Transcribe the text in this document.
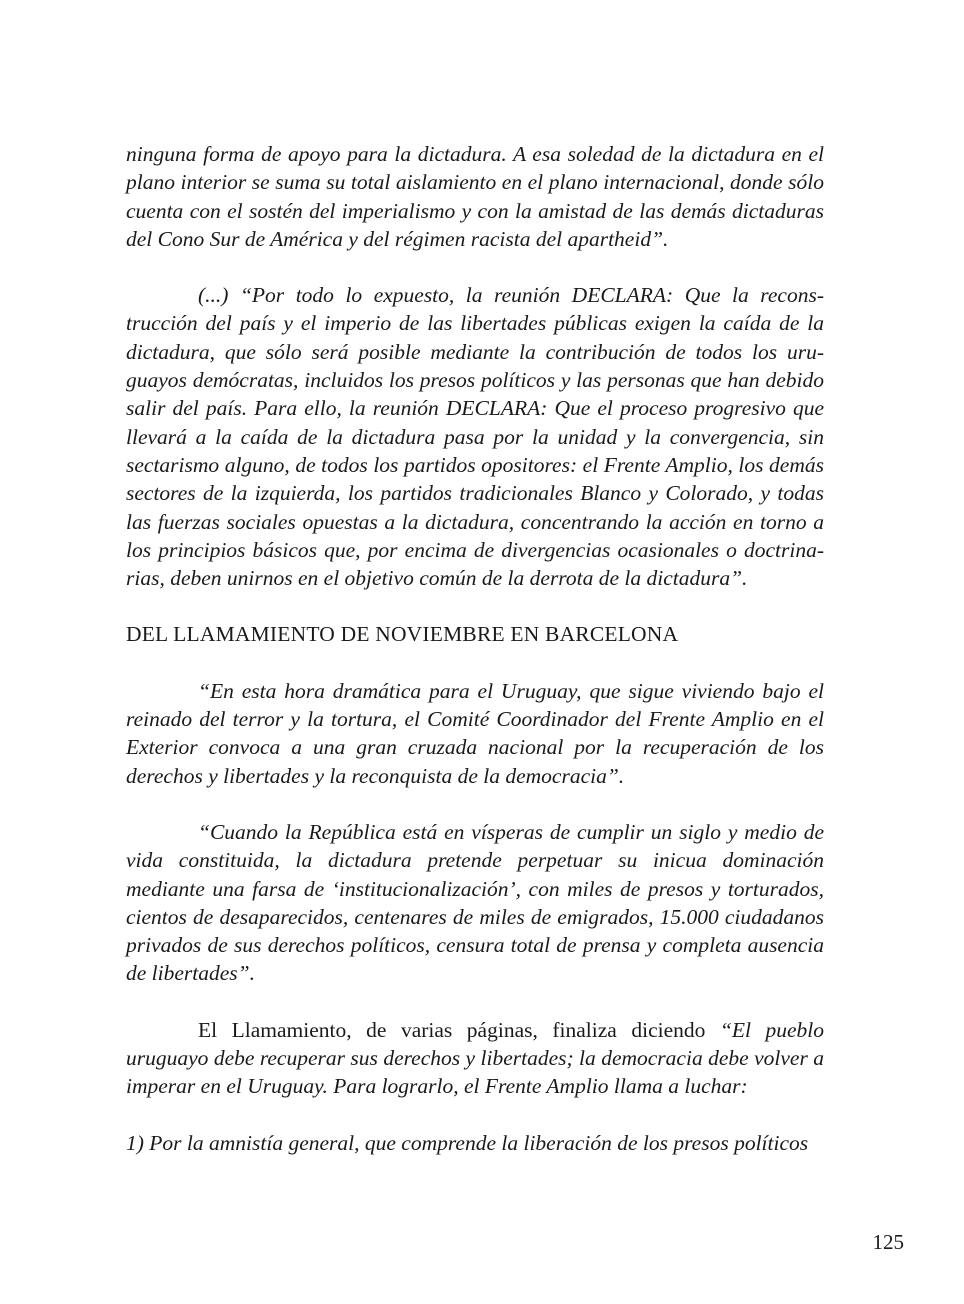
ninguna forma de apoyo para la dictadura. A esa soledad de la dictadura en el plano interior se suma su total aislamiento en el plano internacional, donde sólo cuenta con el sostén del imperialismo y con la amistad de las demás dictaduras del Cono Sur de América y del régimen racista del apartheid”.

(...) “Por todo lo expuesto, la reunión DECLARA: Que la reconstrucción del país y el imperio de las libertades públicas exigen la caída de la dictadura, que sólo será posible mediante la contribución de todos los uruguayos demócratas, incluidos los presos políticos y las personas que han debido salir del país. Para ello, la reunión DECLARA: Que el proceso progresivo que llevará a la caída de la dictadura pasa por la unidad y la convergencia, sin sectarismo alguno, de todos los partidos opositores: el Frente Amplio, los demás sectores de la izquierda, los partidos tradicionales Blanco y Colorado, y todas las fuerzas sociales opuestas a la dictadura, concentrando la acción en torno a los principios básicos que, por encima de divergencias ocasionales o doctrinarias, deben unirnos en el objetivo común de la derrota de la dictadura”.

DEL LLAMAMIENTO DE NOVIEMBRE EN BARCELONA

“En esta hora dramática para el Uruguay, que sigue viviendo bajo el reinado del terror y la tortura, el Comité Coordinador del Frente Amplio en el Exterior convoca a una gran cruzada nacional por la recuperación de los derechos y libertades y la reconquista de la democracia”.

“Cuando la República está en vísperas de cumplir un siglo y medio de vida constituida, la dictadura pretende perpetuar su inicua dominación mediante una farsa de ‘institucionalización’, con miles de presos y torturados, cientos de desaparecidos, centenares de miles de emigrados, 15.000 ciudadanos privados de sus derechos políticos, censura total de prensa y completa ausencia de libertades”.

El Llamamiento, de varias páginas, finaliza diciendo “El pueblo uruguayo debe recuperar sus derechos y libertades; la democracia debe volver a imperar en el Uruguay. Para lograrlo, el Frente Amplio llama a luchar:

1) Por la amnistía general, que comprende la liberación de los presos políticos

125
